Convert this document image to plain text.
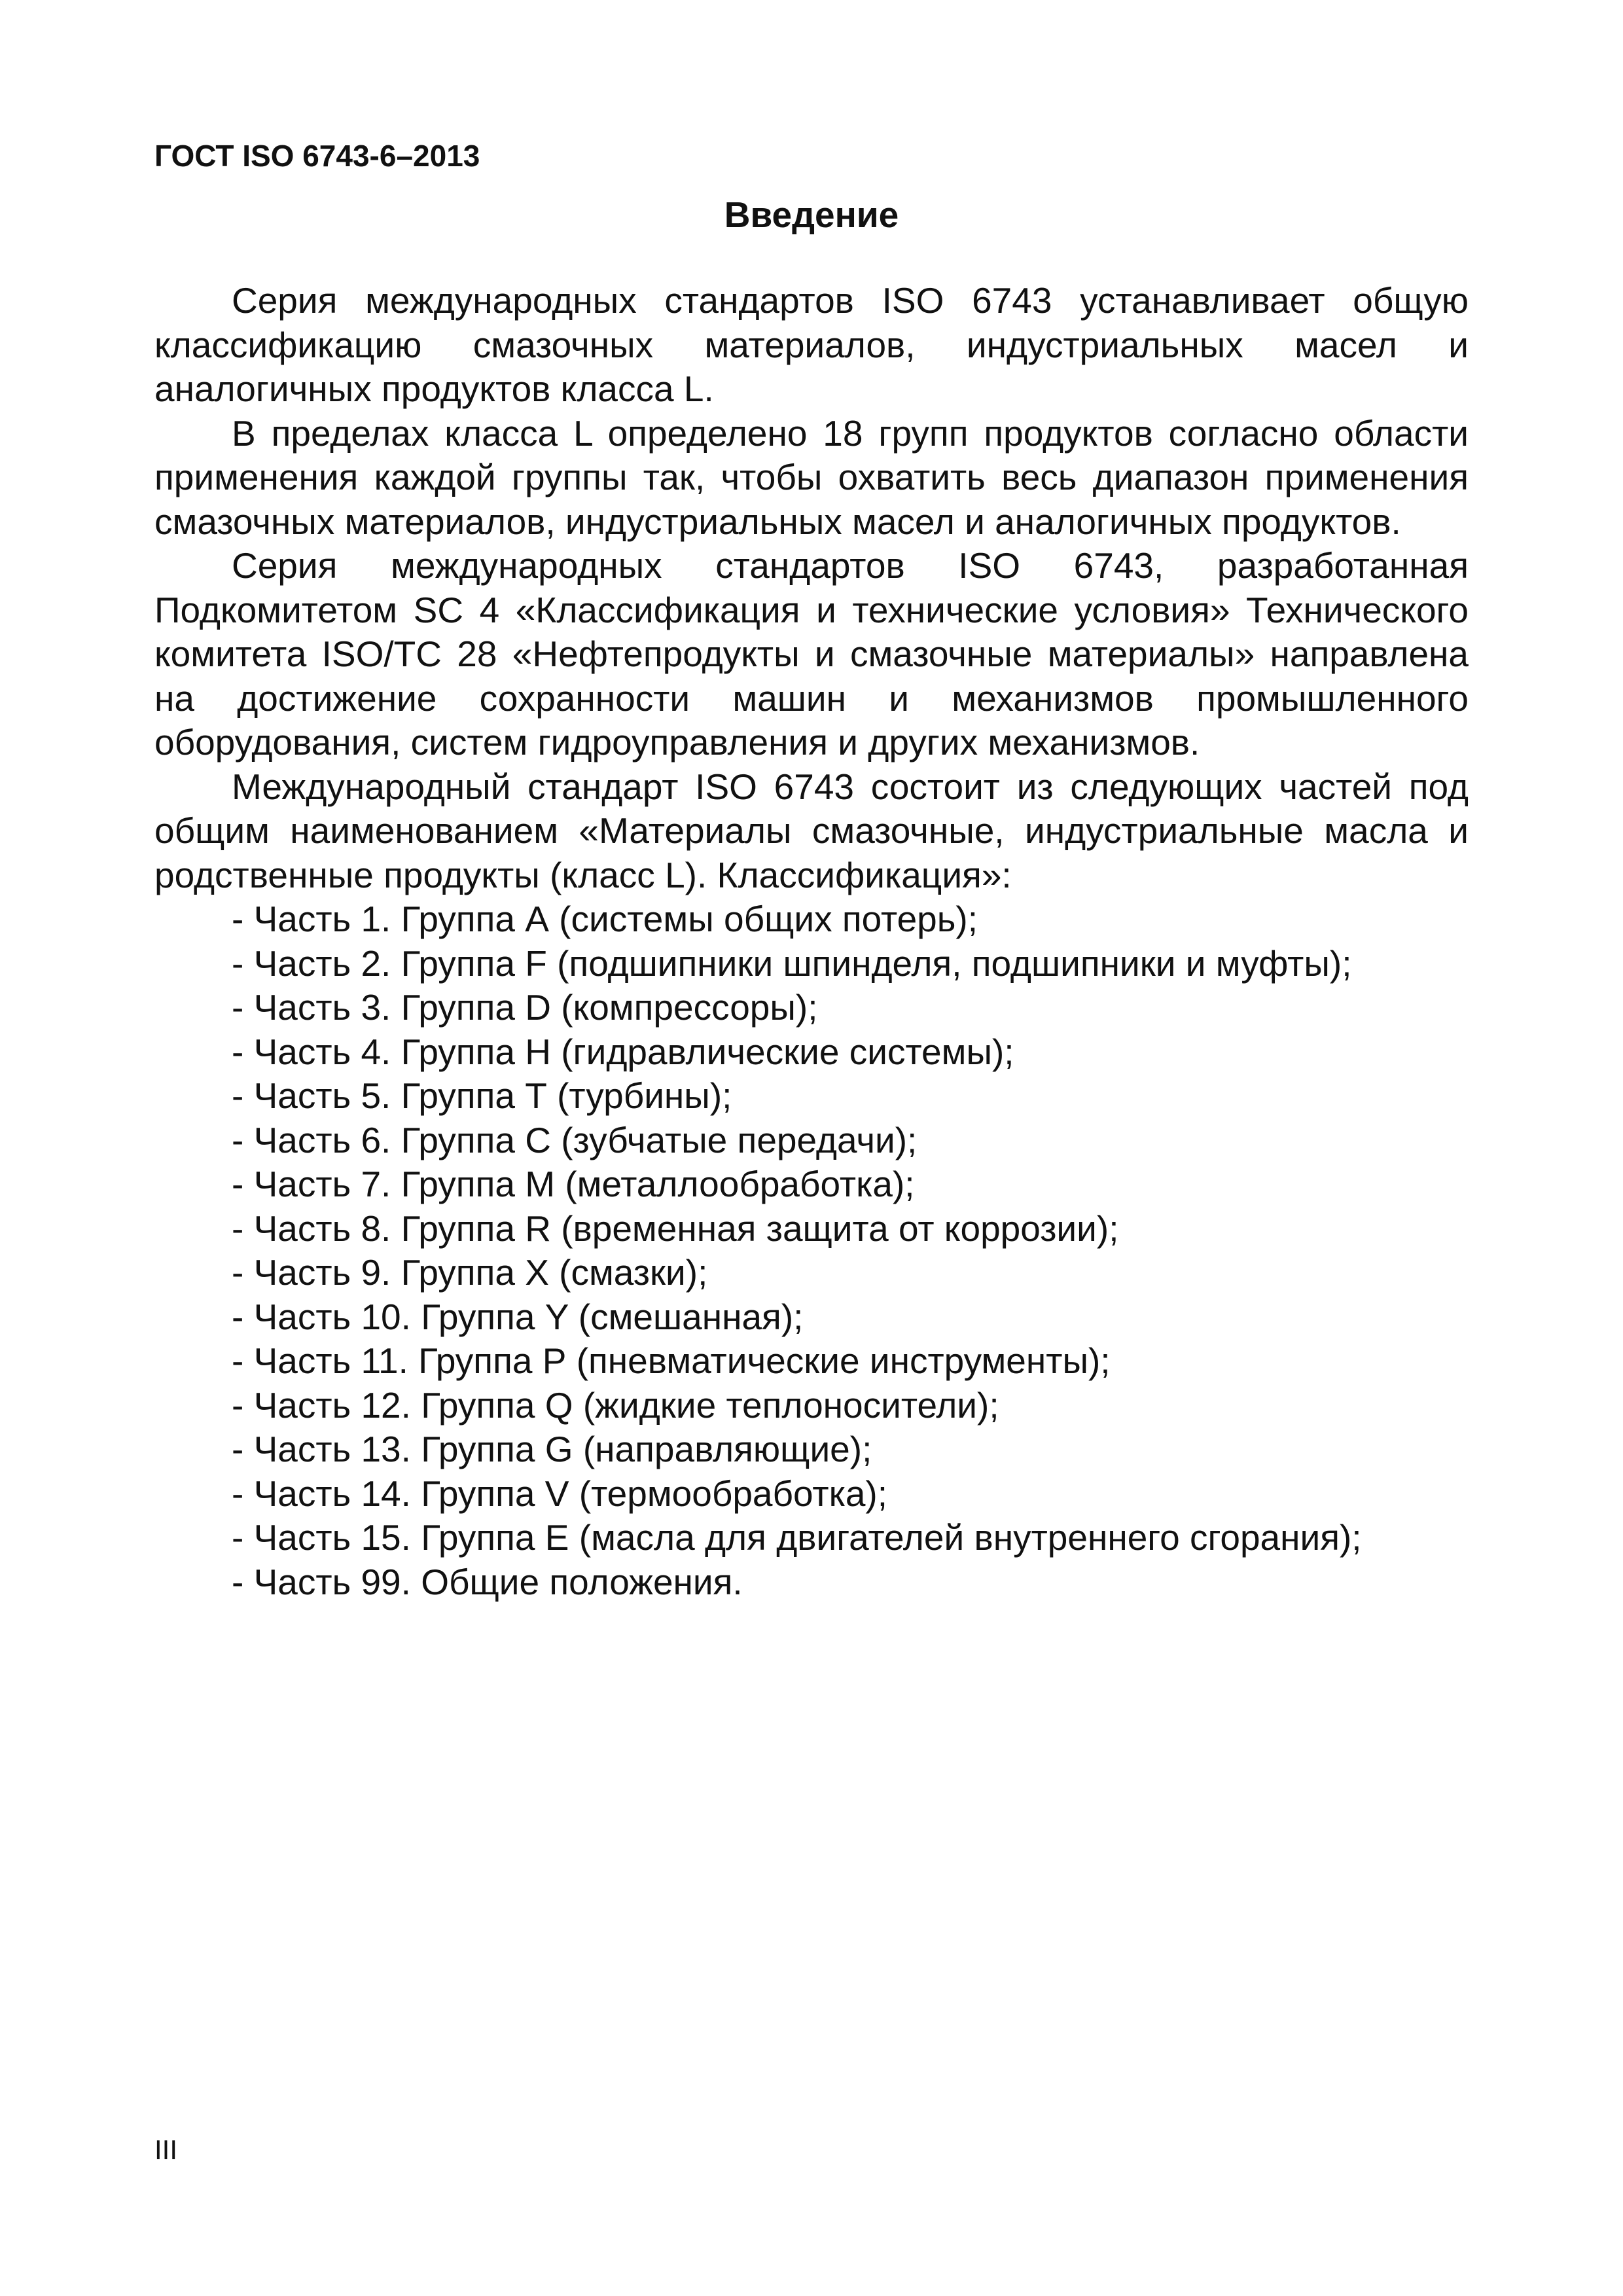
ГОСТ ISO 6743-6–2013

Введение

Серия международных стандартов ISO 6743 устанавливает общую классификацию смазочных материалов, индустриальных масел и аналогичных продуктов класса L.

В пределах класса L определено 18 групп продуктов согласно области применения каждой группы так, чтобы охватить весь диапазон применения смазочных материалов, индустриальных масел и аналогичных продуктов.

Серия международных стандартов ISO 6743, разработанная Подкомитетом SC 4 «Классификация и технические условия» Технического комитета ISO/TC 28 «Нефтепродукты и смазочные материалы» направлена на достижение сохранности машин и механизмов промышленного оборудования, систем гидроуправления и других механизмов.

Международный стандарт ISO 6743 состоит из следующих частей под общим наименованием «Материалы смазочные, индустриальные масла и родственные продукты (класс L). Классификация»:

- Часть 1. Группа А (системы общих потерь);
- Часть 2. Группа F (подшипники шпинделя, подшипники и муфты);
- Часть 3. Группа D (компрессоры);
- Часть 4. Группа Н (гидравлические системы);
- Часть 5. Группа Т (турбины);
- Часть 6. Группа С (зубчатые передачи);
- Часть 7. Группа М (металлообработка);
- Часть 8. Группа R (временная защита от коррозии);
- Часть 9. Группа X (смазки);
- Часть 10. Группа Y (смешанная);
- Часть 11. Группа Р (пневматические инструменты);
- Часть 12. Группа Q (жидкие теплоносители);
- Часть 13. Группа G (направляющие);
- Часть 14. Группа V (термообработка);
- Часть 15. Группа Е (масла для двигателей внутреннего сгорания);
- Часть 99. Общие положения.

III
